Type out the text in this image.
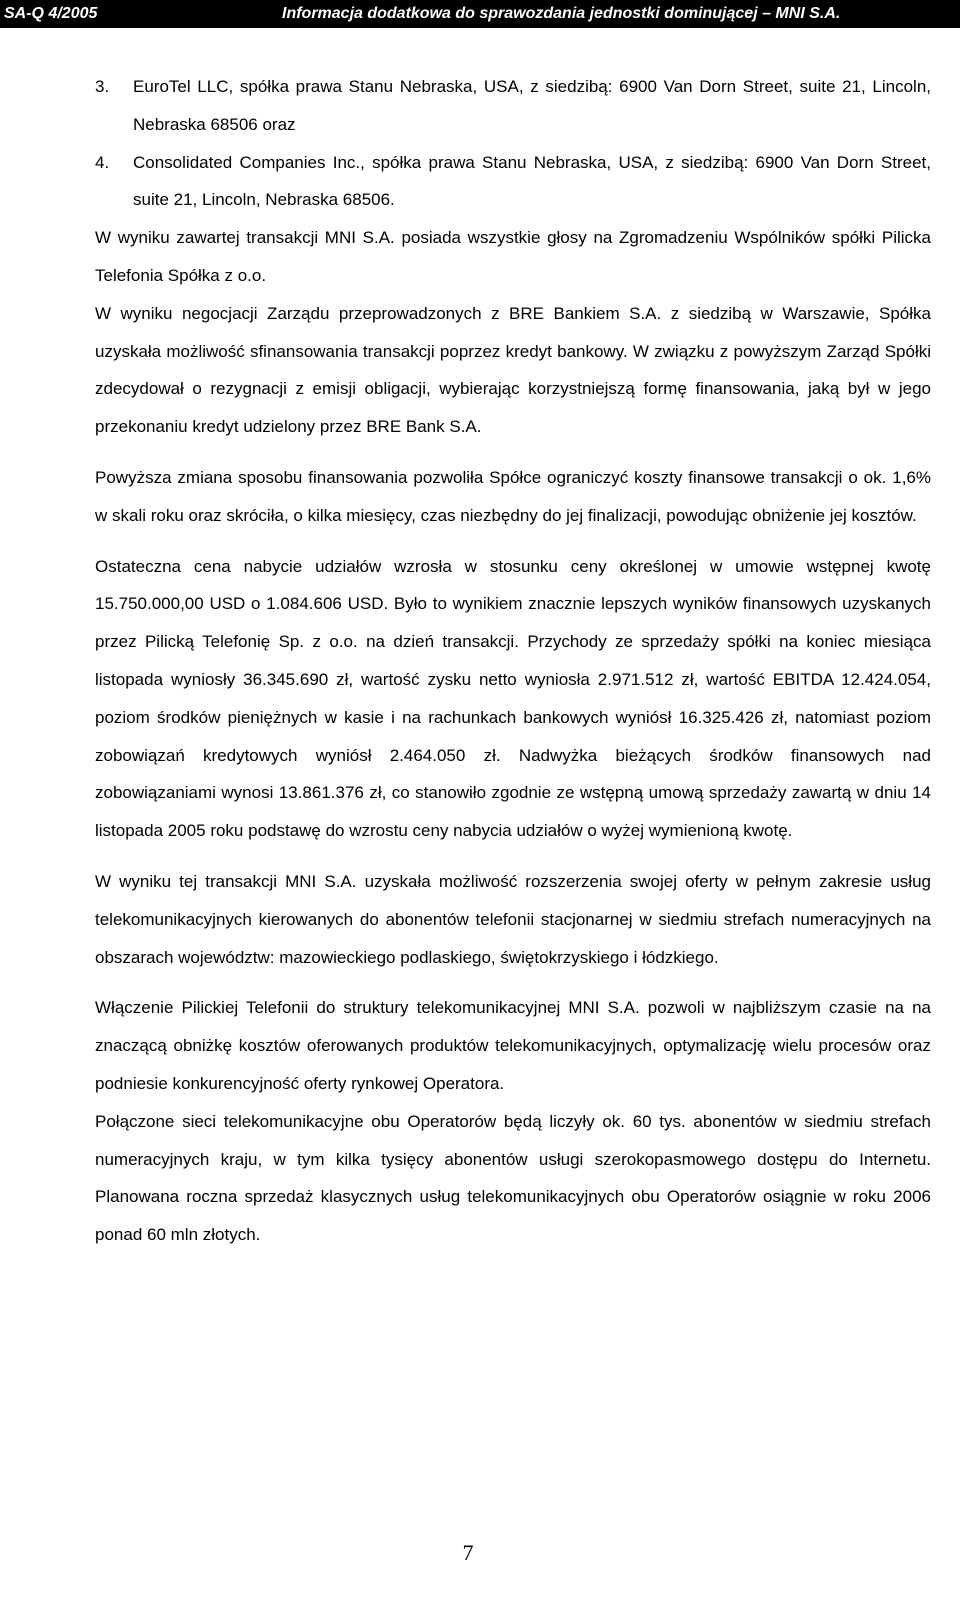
SA-Q 4/2005	Informacja dodatkowa do sprawozdania jednostki dominującej – MNI S.A.
3. EuroTel LLC, spółka prawa Stanu Nebraska, USA, z siedzibą: 6900 Van Dorn Street, suite 21, Lincoln, Nebraska 68506 oraz
4. Consolidated Companies Inc., spółka prawa Stanu Nebraska, USA, z siedzibą: 6900 Van Dorn Street, suite 21, Lincoln, Nebraska 68506.

W wyniku zawartej transakcji MNI S.A. posiada wszystkie głosy na Zgromadzeniu Wspólników spółki Pilicka Telefonia Spółka z o.o.

W wyniku negocjacji Zarządu przeprowadzonych z BRE Bankiem S.A. z siedzibą w Warszawie, Spółka uzyskała możliwość sfinansowania transakcji poprzez kredyt bankowy. W związku z powyższym Zarząd Spółki zdecydował o rezygnacji z emisji obligacji, wybierając korzystniejszą formę finansowania, jaką był w jego przekonaniu kredyt udzielony przez BRE Bank S.A.

Powyższa zmiana sposobu finansowania pozwoliła Spółce ograniczyć koszty finansowe transakcji o ok. 1,6% w skali roku oraz skróciła, o kilka miesięcy, czas niezbędny do jej finalizacji, powodując obniżenie jej kosztów.

Ostateczna cena nabycie udziałów wzrosła w stosunku ceny określonej w umowie wstępnej kwotę 15.750.000,00 USD o 1.084.606 USD. Było to wynikiem znacznie lepszych wyników finansowych uzyskanych przez Pilicką Telefonię Sp. z o.o. na dzień transakcji. Przychody ze sprzedaży spółki na koniec miesiąca listopada wyniosły 36.345.690 zł, wartość zysku netto wyniosła 2.971.512 zł, wartość EBITDA 12.424.054, poziom środków pieniężnych w kasie i na rachunkach bankowych wyniósł 16.325.426 zł, natomiast poziom zobowiązań kredytowych wyniósł 2.464.050 zł. Nadwyżka bieżących środków finansowych nad zobowiązaniami wynosi 13.861.376 zł, co stanowiło zgodnie ze wstępną umową sprzedaży zawartą w dniu 14 listopada 2005 roku podstawę do wzrostu ceny nabycia udziałów o wyżej wymienioną kwotę.

W wyniku tej transakcji MNI S.A. uzyskała możliwość rozszerzenia swojej oferty w pełnym zakresie usług telekomunikacyjnych kierowanych do abonentów telefonii stacjonarnej w siedmiu strefach numeracyjnych na obszarach województw: mazowieckiego podlaskiego, świętokrzyskiego i łódzkiego.

Włączenie Pilickiej Telefonii do struktury telekomunikacyjnej MNI S.A. pozwoli w najbliższym czasie na na znaczącą obniżkę kosztów oferowanych produktów telekomunikacyjnych, optymalizację wielu procesów oraz podniesie konkurencyjność oferty rynkowej Operatora.

Połączone sieci telekomunikacyjne obu Operatorów będą liczyły ok. 60 tys. abonentów w siedmiu strefach numeracyjnych kraju, w tym kilka tysięcy abonentów usługi szerokopasmowego dostępu do Internetu. Planowana roczna sprzedaż klasycznych usług telekomunikacyjnych obu Operatorów osiągnie w roku 2006 ponad 60 mln złotych.

7
